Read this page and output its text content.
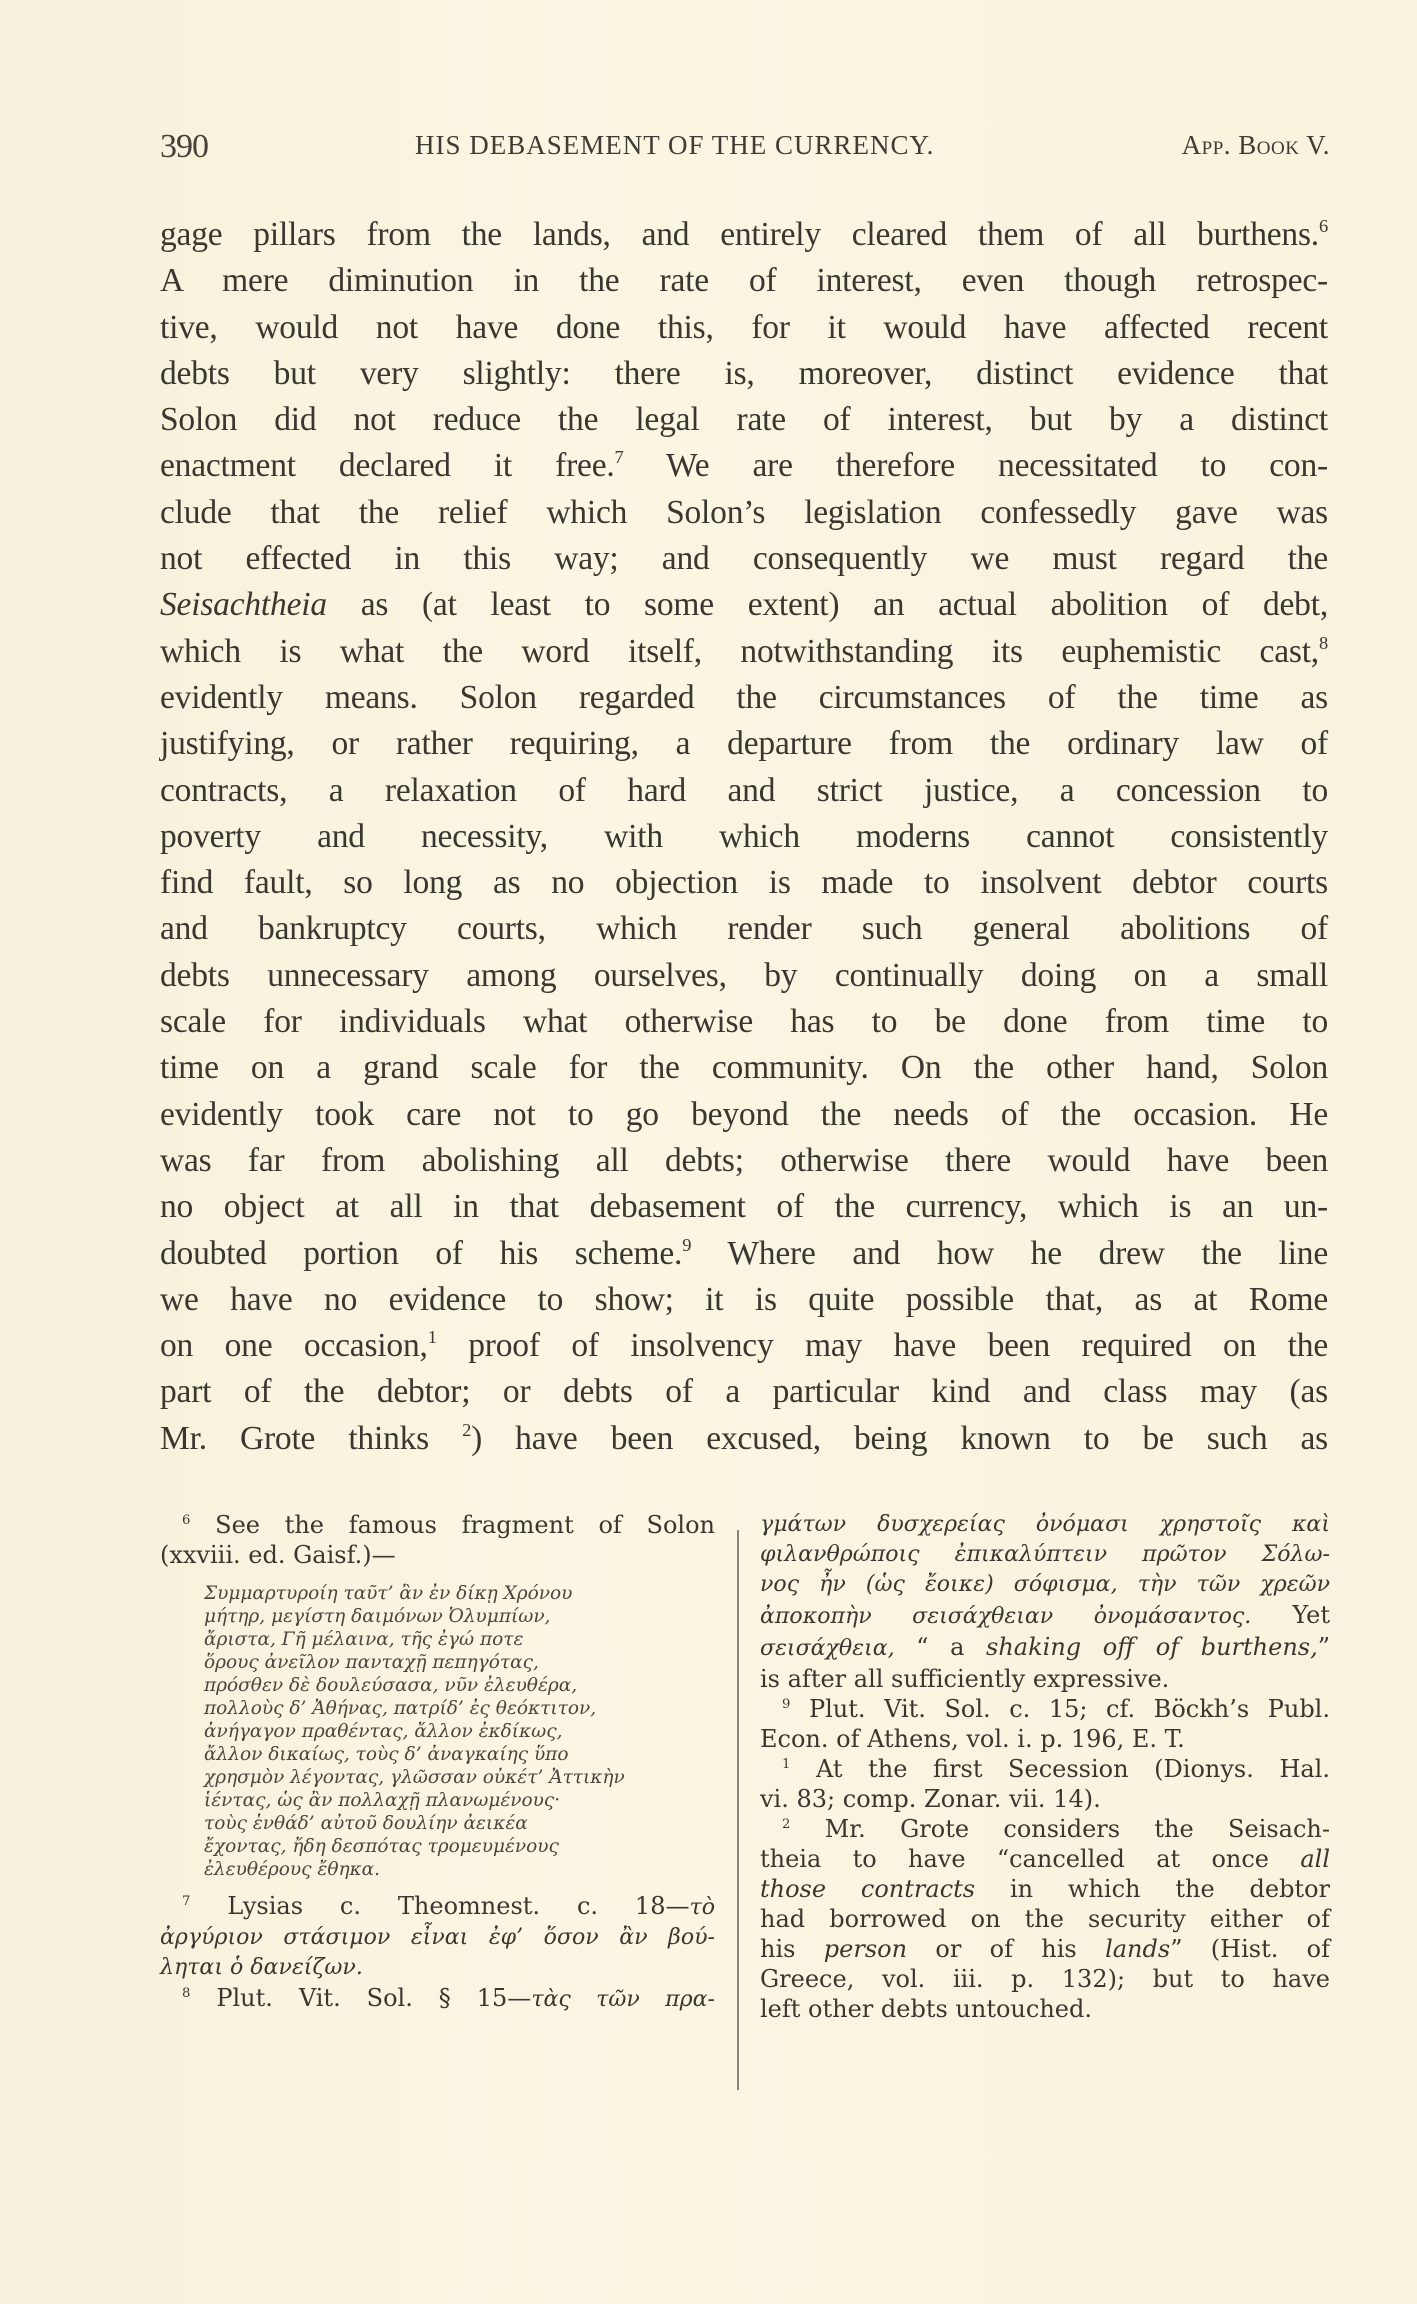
390	HIS DEBASEMENT OF THE CURRENCY.	App. Book V.
gage pillars from the lands, and entirely cleared them of all burthens.$^6$
A mere diminution in the rate of interest, even though retrospec-
tive, would not have done this, for it would have affected recent
debts but very slightly: there is, moreover, distinct evidence that
Solon did not reduce the legal rate of interest, but by a distinct
enactment declared it free.$^7$ We are therefore necessitated to con-
clude that the relief which Solon’s legislation confessedly gave was
not effected in this way; and consequently we must regard the
Seisachtheia as (at least to some extent) an actual abolition of debt,
which is what the word itself, notwithstanding its euphemistic cast,$^8$
evidently means. Solon regarded the circumstances of the time as
justifying, or rather requiring, a departure from the ordinary law of
contracts, a relaxation of hard and strict justice, a concession to
poverty and necessity, with which moderns cannot consistently
find fault, so long as no objection is made to insolvent debtor courts
and bankruptcy courts, which render such general abolitions of
debts unnecessary among ourselves, by continually doing on a small
scale for individuals what otherwise has to be done from time to
time on a grand scale for the community. On the other hand, Solon
evidently took care not to go beyond the needs of the occasion. He
was far from abolishing all debts; otherwise there would have been
no object at all in that debasement of the currency, which is an un-
doubted portion of his scheme.$^9$ Where and how he drew the line
we have no evidence to show; it is quite possible that, as at Rome
on one occasion,$^1$ proof of insolvency may have been required on the
part of the debtor; or debts of a particular kind and class may (as
Mr. Grote thinks $^2$) have been excused, being known to be such as
$^6$ See the famous fragment of Solon
(xxviii. ed. Gaisf.)—
Συμμαρτυροίη ταῦτ’ ἂν ἐν δίκῃ Χρόνου
μήτηρ, μεγίστη δαιμόνων Ὀλυμπίων,
ἄριστα, Γῆ μέλαινα, τῆς ἐγώ ποτε
ὅρους ἀνεῖλον πανταχῇ πεπηγότας,
πρόσθεν δὲ δουλεύσασα, νῦν ἐλευθέρα,
πολλοὺς δ’ Ἀθήνας, πατρίδ’ ἐς θεόκτιτον,
ἀνήγαγον πραθέντας, ἄλλον ἐκδίκως,
ἄλλον δικαίως, τοὺς δ’ ἀναγκαίης ὕπο
χρησμὸν λέγοντας, γλῶσσαν οὐκέτ’ Ἀττικὴν
ἱέντας, ὡς ἂν πολλαχῇ πλανωμένους·
τοὺς ἐνθάδ’ αὐτοῦ δουλίην ἀεικέα
ἔχοντας, ἤδη δεσπότας τρομευμένους
ἐλευθέρους ἔθηκα.
$^7$ Lysias c. Theomnest. c. 18—τὸ
ἀργύριον στάσιμον εἶναι ἐφ’ ὅσον ἂν βού-
ληται ὁ δανείζων.
$^8$ Plut. Vit. Sol. § 15—τὰς τῶν πρα-
γμάτων δυσχερείας ὀνόμασι χρηστοῖς καὶ
φιλανθρώποις ἐπικαλύπτειν πρῶτον Σόλω-
νος ἦν (ὡς ἔοικε) σόφισμα, τὴν τῶν χρεῶν
ἀποκοπὴν σεισάχθειαν ὀνομάσαντος. Yet
σεισάχθεια, “ a shaking off of burthens,”
is after all sufficiently expressive.
$^9$ Plut. Vit. Sol. c. 15; cf. Böckh’s Publ.
Econ. of Athens, vol. i. p. 196, E. T.
$^1$ At the first Secession (Dionys. Hal.
vi. 83; comp. Zonar. vii. 14).
$^2$ Mr. Grote considers the Seisach-
theia to have “cancelled at once all
those contracts in which the debtor
had borrowed on the security either of
his person or of his lands” (Hist. of
Greece, vol. iii. p. 132); but to have
left other debts untouched.
